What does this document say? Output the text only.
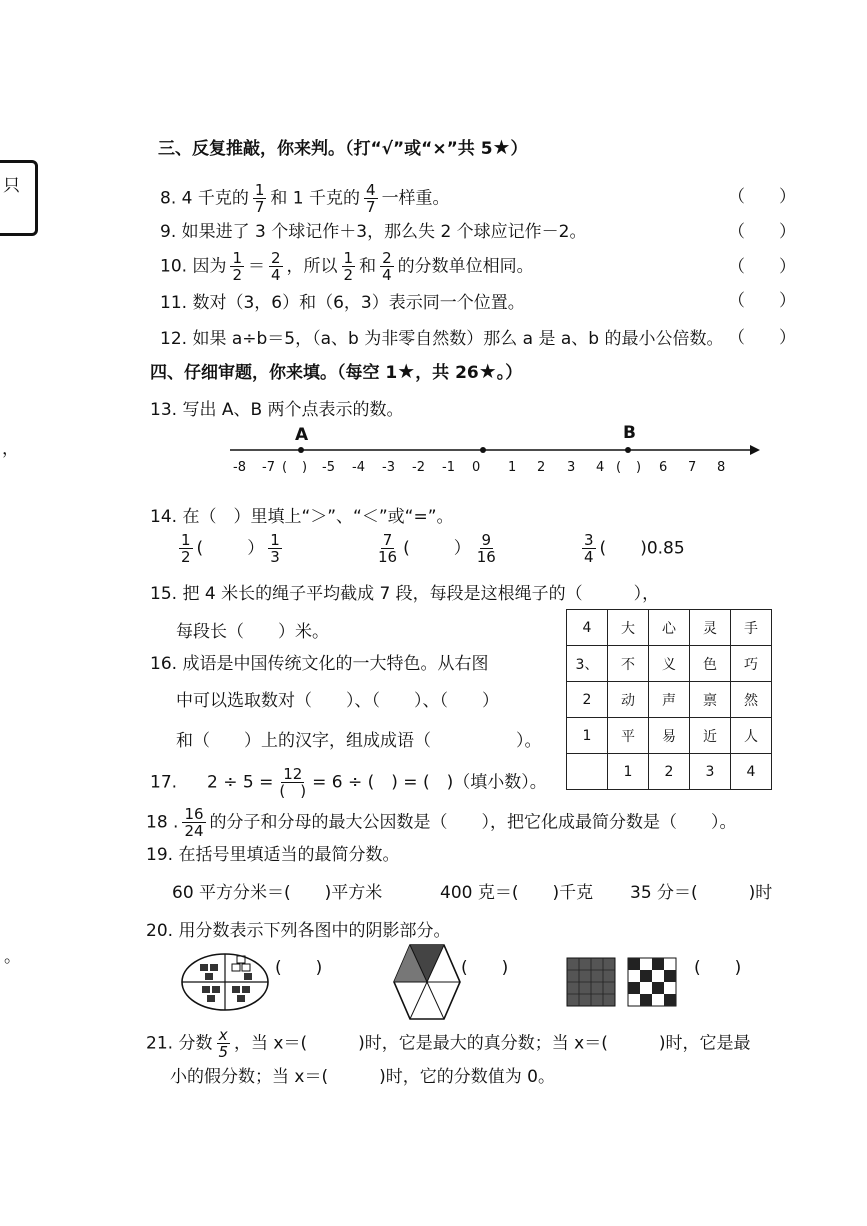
只
，
。
三、反复推敲，你来判。（打“√”或“×”共 5★）
8. 4 千克的 $\frac{1}{7}$ 和 1 千克的 $\frac{4}{7}$ 一样重。	（　　）
9. 如果进了 3 个球记作＋3，那么失 2 个球应记作－2。	（　　）
10. 因为 $\frac{1}{2} = \frac{2}{4}$ ，所以 $\frac{1}{2}$ 和 $\frac{2}{4}$ 的分数单位相同。	（　　）
11. 数对（3，6）和（6，3）表示同一个位置。	（　　）
12. 如果 a÷b＝5，（a、b 为非零自然数）那么 a 是 a、b 的最小公倍数。 （　　）
四、仔细审题，你来填。（每空 1★，共 26★。）
13. 写出 A、B 两个点表示的数。
A	B
-8 -7 ( ) -5 -4 -3 -2 -1 0 1 2 3 4 ( ) 6 7 8
14. 在（　）里填上“＞”、“＜”或“=”。
$\frac{1}{2}$ (	） $\frac{1}{3}$	$\frac{7}{16}$ (	） $\frac{9}{16}$	$\frac{3}{4}$ ( )0.85
15. 把 4 米长的绳子平均截成 7 段，每段是这根绳子的（　　　），
每段长（　　）米。
16. 成语是中国传统文化的一大特色。从右图
中可以选取数对（　　）、（　　）、（　　）
和（　　）上的汉字，组成成语（　　　　　）。
4	大	心	灵	手
3、	不	义	色	巧
2	动	声	禀	然
1	平	易	近	人
	1	2	3	4
17. $2 \div 5 = \frac{12}{( )} = 6$ ÷ (　) = (　)（填小数）。
18 . $\frac{16}{24}$ 的分子和分母的最大公因数是（　　），把它化成最简分数是（　　）。
19. 在括号里填适当的最简分数。
60 平方分米＝(　　)平方米	400 克＝(　　)千克 35 分＝(　　　)时
20. 用分数表示下列各图中的阴影部分。
(　　)	(　　)	(　　)
21. 分数 $\frac{x}{5}$ ，当 x＝(　　　)时，它是最大的真分数；当 x＝(　　　)时，它是最
小的假分数；当 x＝(　　　)时，它的分数值为 0。
